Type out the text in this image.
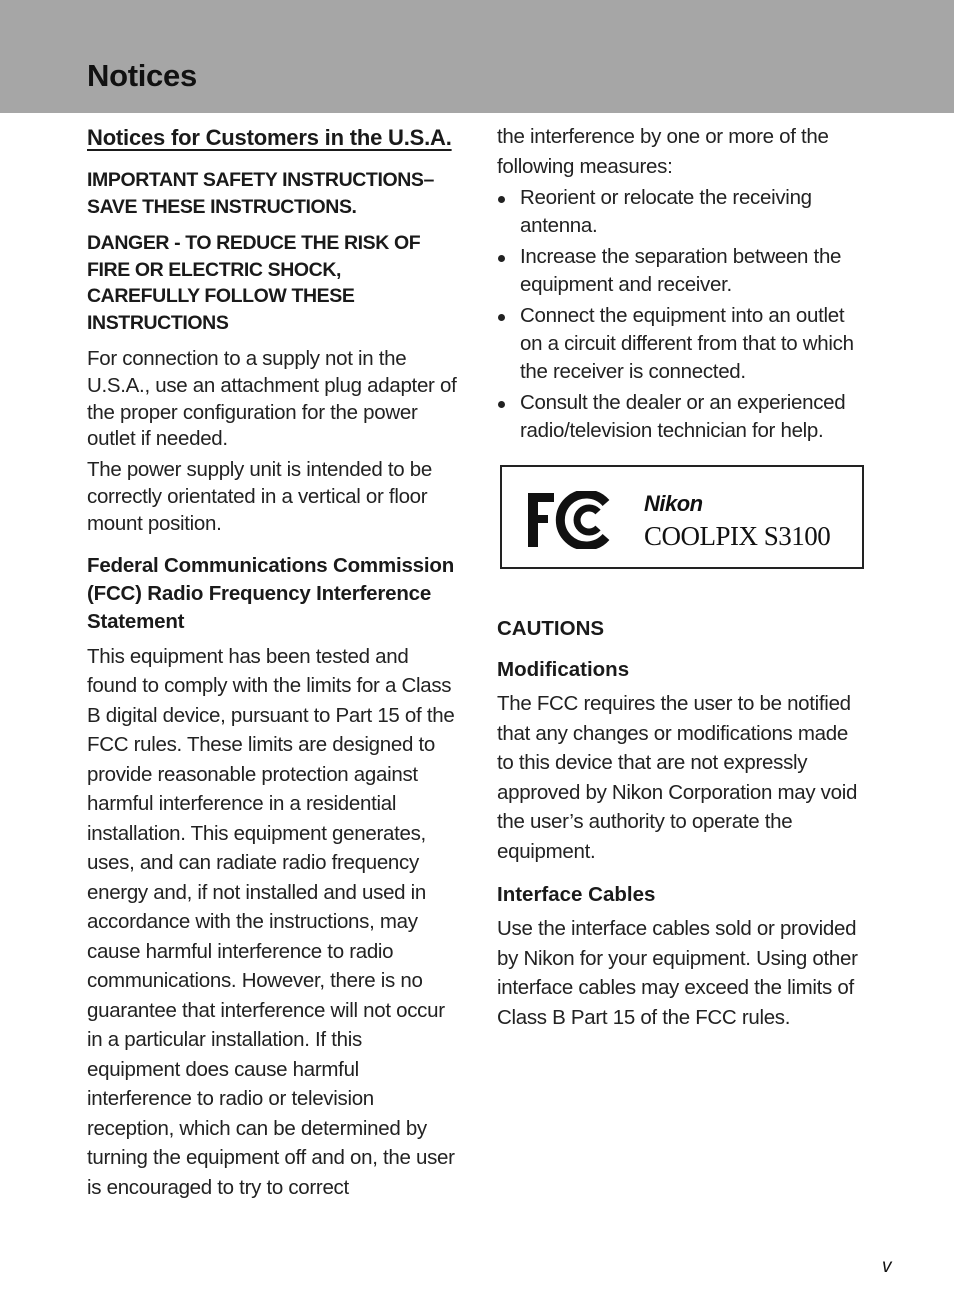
Notices
Notices for Customers in the U.S.A.

IMPORTANT SAFETY INSTRUCTIONS– SAVE THESE INSTRUCTIONS.

DANGER - TO REDUCE THE RISK OF FIRE OR ELECTRIC SHOCK, CAREFULLY FOLLOW THESE INSTRUCTIONS

For connection to a supply not in the U.S.A., use an attachment plug adapter of the proper configuration for the power outlet if needed.

The power supply unit is intended to be correctly orientated in a vertical or floor mount position.

Federal Communications Commission (FCC) Radio Frequency Interference Statement

This equipment has been tested and found to comply with the limits for a Class B digital device, pursuant to Part 15 of the FCC rules. These limits are designed to provide reasonable protection against harmful interference in a residential installation. This equipment generates, uses, and can radiate radio frequency energy and, if not installed and used in accordance with the instructions, may cause harmful interference to radio communications. However, there is no guarantee that interference will not occur in a particular installation. If this equipment does cause harmful interference to radio or television reception, which can be determined by turning the equipment off and on, the user is encouraged to try to correct

the interference by one or more of the following measures:

Reorient or relocate the receiving antenna.
Increase the separation between the equipment and receiver.
Connect the equipment into an outlet on a circuit different from that to which the receiver is connected.
Consult the dealer or an experienced radio/television technician for help.
Nikon
COOLPIX S3100
CAUTIONS
Modifications

The FCC requires the user to be notified that any changes or modifications made to this device that are not expressly approved by Nikon Corporation may void the user’s authority to operate the equipment.

Interface Cables

Use the interface cables sold or provided by Nikon for your equipment. Using other interface cables may exceed the limits of Class B Part 15 of the FCC rules.

v
